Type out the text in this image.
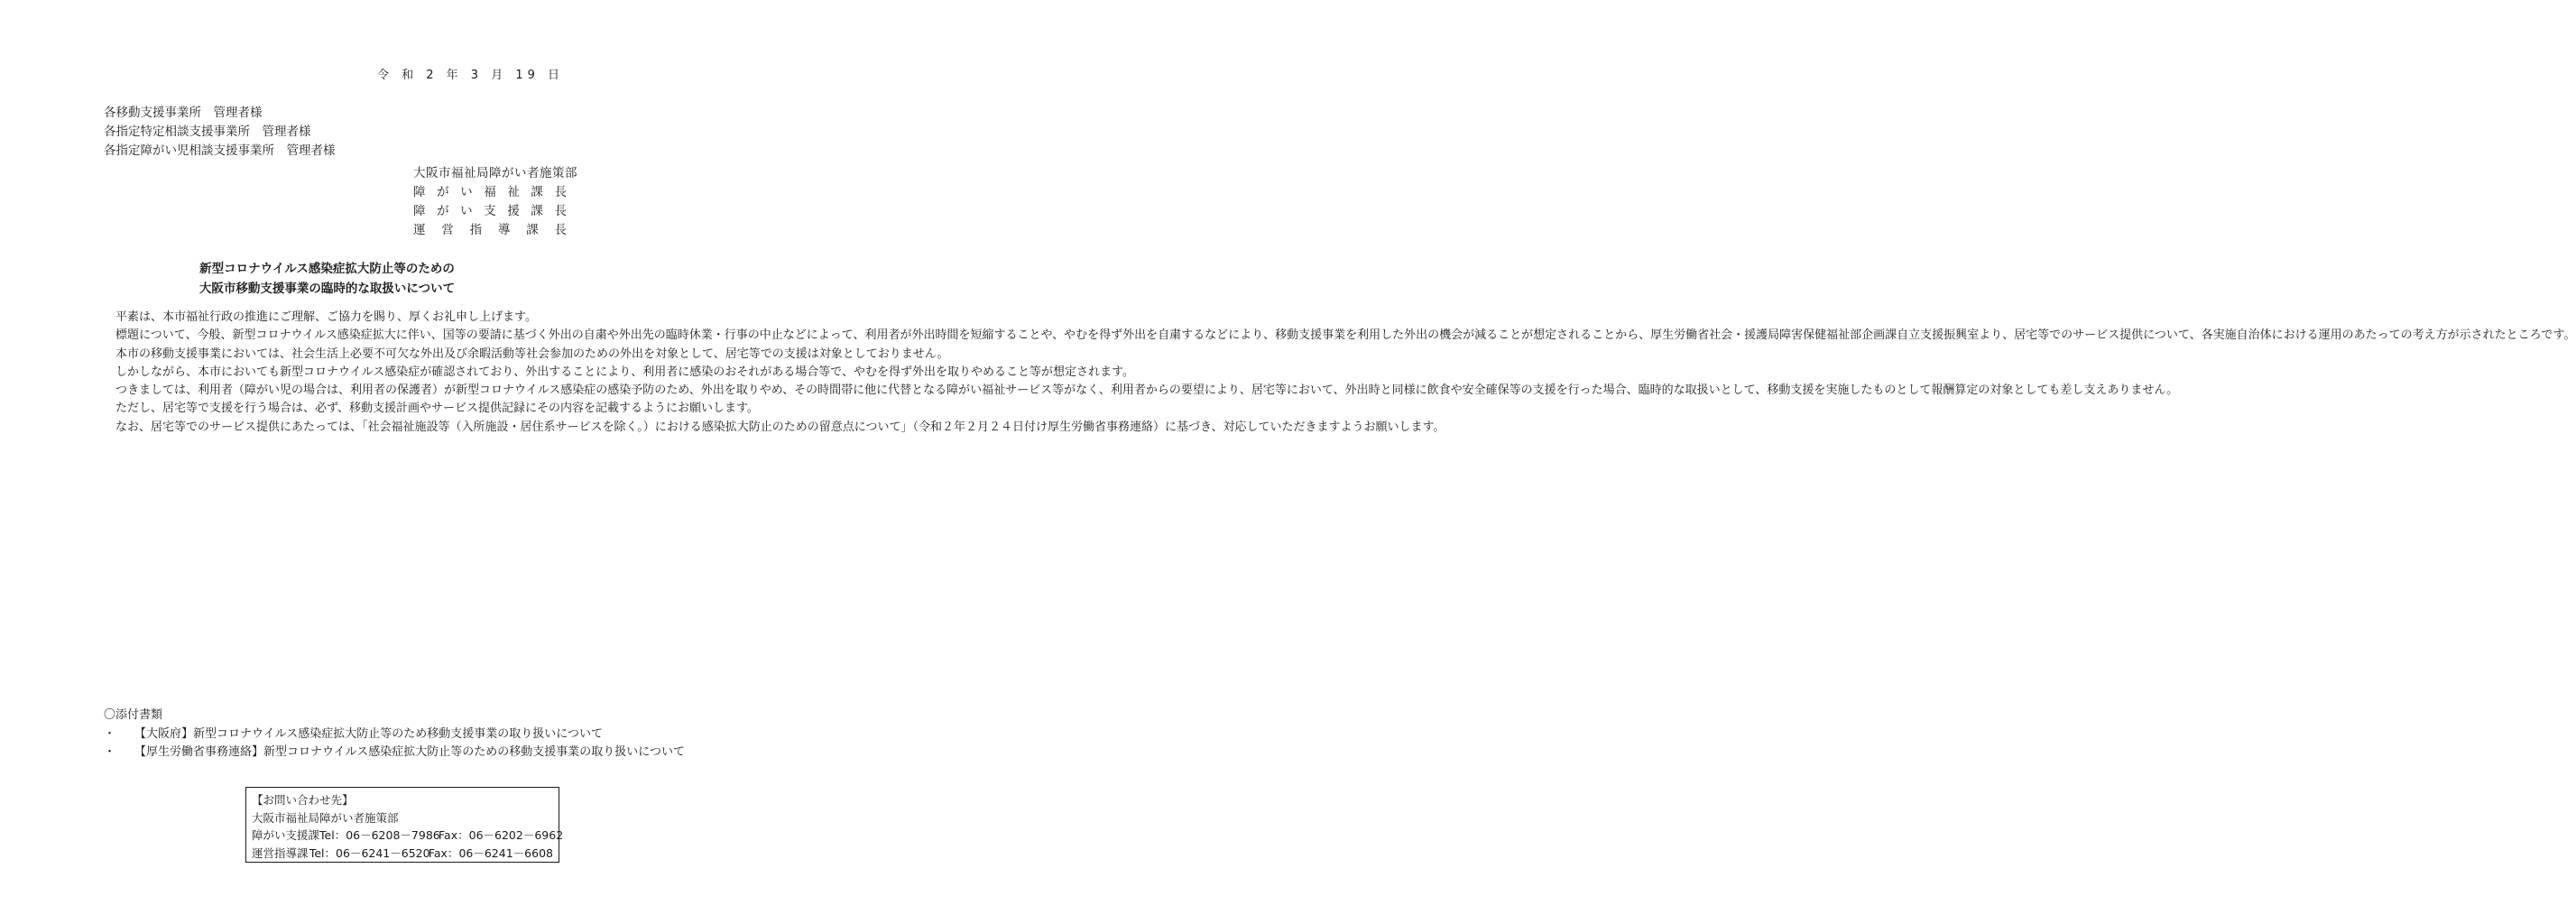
令 和 2 年 3 月 19 日
各移動支援事業所　管理者様
各指定特定相談支援事業所　管理者様
各指定障がい児相談支援事業所　管理者様
大阪市福祉局障がい者施策部
障 が い 福 祉 課 長
障 が い 支 援 課 長
運 営 指 導 課 長
新型コロナウイルス感染症拡大防止等のための
大阪市移動支援事業の臨時的な取扱いについて

平素は、本市福祉行政の推進にご理解、ご協力を賜り、厚くお礼申し上げます。

標題について、今般、新型コロナウイルス感染症拡大に伴い、国等の要請に基づく外出の自粛や外出先の臨時休業・行事の中止などによって、利用者が外出時間を短縮することや、やむを得ず外出を自粛するなどにより、移動支援事業を利用した外出の機会が減ることが想定されることから、厚生労働省社会・援護局障害保健福祉部企画課自立支援振興室より、居宅等でのサービス提供について、各実施自治体における運用のあたっての考え方が示されたところです。

本市の移動支援事業においては、社会生活上必要不可欠な外出及び余暇活動等社会参加のための外出を対象として、居宅等での支援は対象としておりません。

しかしながら、本市においても新型コロナウイルス感染症が確認されており、外出することにより、利用者に感染のおそれがある場合等で、やむを得ず外出を取りやめること等が想定されます。

つきましては、利用者（障がい児の場合は、利用者の保護者）が新型コロナウイルス感染症の感染予防のため、外出を取りやめ、その時間帯に他に代替となる障がい福祉サービス等がなく、利用者からの要望により、居宅等において、外出時と同様に飲食や安全確保等の支援を行った場合、臨時的な取扱いとして、移動支援を実施したものとして報酬算定の対象としても差し支えありません。

ただし、居宅等で支援を行う場合は、必ず、移動支援計画やサービス提供記録にその内容を記載するようにお願いします。

なお、居宅等でのサービス提供にあたっては、「社会福祉施設等（入所施設・居住系サービスを除く。）における感染拡大防止のための留意点について」（令和２年２月２４日付け厚生労働省事務連絡）に基づき、対応していただきますようお願いします。

〇添付書類
・ 【大阪府】新型コロナウイルス感染症拡大防止等のため移動支援事業の取り扱いについて
・ 【厚生労働省事務連絡】新型コロナウイルス感染症拡大防止等のための移動支援事業の取り扱いについて
【お問い合わせ先】
大阪市福祉局障がい者施策部
障がい支援課 Tel：06－6208－7986
Fax：06－6202－6962
運営指導課 Tel：06－6241－6520
Fax：06－6241－6608
